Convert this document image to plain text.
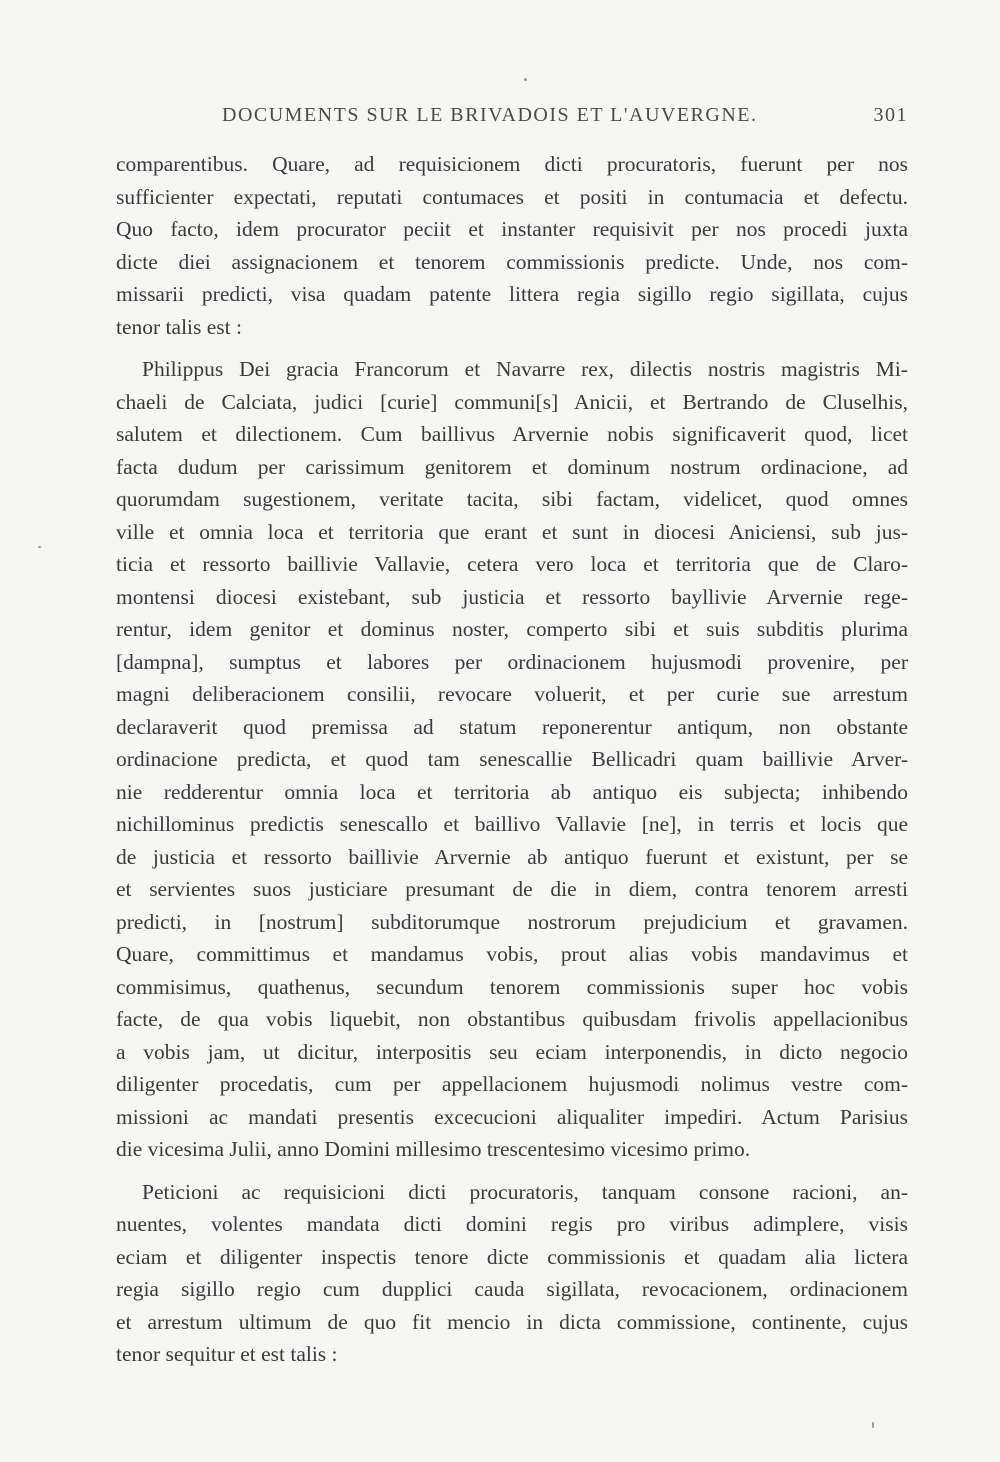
DOCUMENTS SUR LE BRIVADOIS ET L'AUVERGNE.	301

comparentibus. Quare, ad requisicionem dicti procuratoris, fuerunt per nos
sufficienter expectati, reputati contumaces et positi in contumacia et defectu.
Quo facto, idem procurator peciit et instanter requisivit per nos procedi juxta
dicte diei assignacionem et tenorem commissionis predicte. Unde, nos com-
missarii predicti, visa quadam patente littera regia sigillo regio sigillata, cujus
tenor talis est :

Philippus Dei gracia Francorum et Navarre rex, dilectis nostris magistris Mi-
chaeli de Calciata, judici [curie] communi[s] Anicii, et Bertrando de Cluselhis,
salutem et dilectionem. Cum baillivus Arvernie nobis significaverit quod, licet
facta dudum per carissimum genitorem et dominum nostrum ordinacione, ad
quorumdam sugestionem, veritate tacita, sibi factam, videlicet, quod omnes
ville et omnia loca et territoria que erant et sunt in diocesi Aniciensi, sub jus-
ticia et ressorto baillivie Vallavie, cetera vero loca et territoria que de Claro-
montensi diocesi existebant, sub justicia et ressorto bayllivie Arvernie rege-
rentur, idem genitor et dominus noster, comperto sibi et suis subditis plurima
[dampna], sumptus et labores per ordinacionem hujusmodi provenire, per
magni deliberacionem consilii, revocare voluerit, et per curie sue arrestum
declaraverit quod premissa ad statum reponerentur antiqum, non obstante
ordinacione predicta, et quod tam senescallie Bellicadri quam baillivie Arver-
nie redderentur omnia loca et territoria ab antiquo eis subjecta; inhibendo
nichillominus predictis senescallo et baillivo Vallavie [ne], in terris et locis que
de justicia et ressorto baillivie Arvernie ab antiquo fuerunt et existunt, per se
et servientes suos justiciare presumant de die in diem, contra tenorem arresti
predicti, in [nostrum] subditorumque nostrorum prejudicium et gravamen.
Quare, committimus et mandamus vobis, prout alias vobis mandavimus et
commisimus, quathenus, secundum tenorem commissionis super hoc vobis
facte, de qua vobis liquebit, non obstantibus quibusdam frivolis appellacionibus
a vobis jam, ut dicitur, interpositis seu eciam interponendis, in dicto negocio
diligenter procedatis, cum per appellacionem hujusmodi nolimus vestre com-
missioni ac mandati presentis excecucioni aliqualiter impediri. Actum Parisius
die vicesima Julii, anno Domini millesimo trescentesimo vicesimo primo.

Peticioni ac requisicioni dicti procuratoris, tanquam consone racioni, an-
nuentes, volentes mandata dicti domini regis pro viribus adimplere, visis
eciam et diligenter inspectis tenore dicte commissionis et quadam alia lictera
regia sigillo regio cum dupplici cauda sigillata, revocacionem, ordinacionem
et arrestum ultimum de quo fit mencio in dicta commissione, continente, cujus
tenor sequitur et est talis :
